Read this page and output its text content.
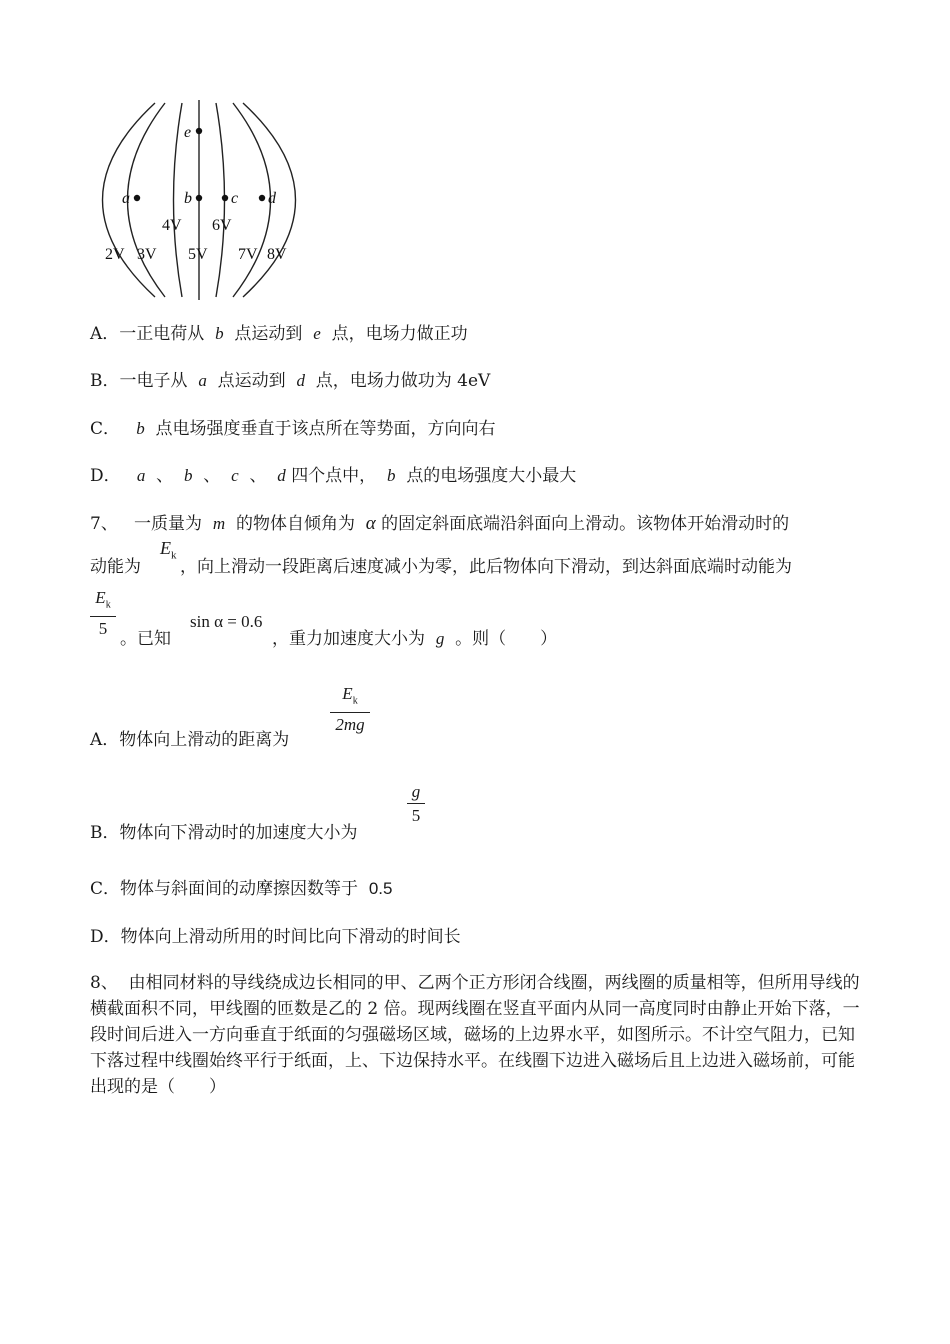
e
a	b c d
4V 6V
2V 3V 5V 7V 8V
A．一正电荷从 b 点运动到 e 点，电场力做正功
B．一电子从 a 点运动到 d 点，电场力做功为 4eV
C． b 点电场强度垂直于该点所在等势面，方向向右
D． a 、 b 、 c 、 d 四个点中， b 点的电场强度大小最大
7、 一质量为 m 的物体自倾角为 α 的固定斜面底端沿斜面向上滑动。该物体开始滑动时的
$E_k$
动能为 ，向上滑动一段距离后速度减小为零，此后物体向下滑动，到达斜面底端时动能为
$E_k$
5
。已知
sin α = 0.6
，重力加速度大小为 g 。则（　　）
A．物体向上滑动的距离为
$E_k$
2mg
B．物体向下滑动时的加速度大小为
g
5
C．物体与斜面间的动摩擦因数等于 0.5
D．物体向上滑动所用的时间比向下滑动的时间长
8、 由相同材料的导线绕成边长相同的甲、乙两个正方形闭合线圈，两线圈的质量相等，但所用导线的横截面积不同，甲线圈的匝数是乙的 2 倍。现两线圈在竖直平面内从同一高度同时由静止开始下落，一段时间后进入一方向垂直于纸面的匀强磁场区域，磁场的上边界水平，如图所示。不计空气阻力，已知下落过程中线圈始终平行于纸面，上、下边保持水平。在线圈下边进入磁场后且上边进入磁场前，可能出现的是（　　）
